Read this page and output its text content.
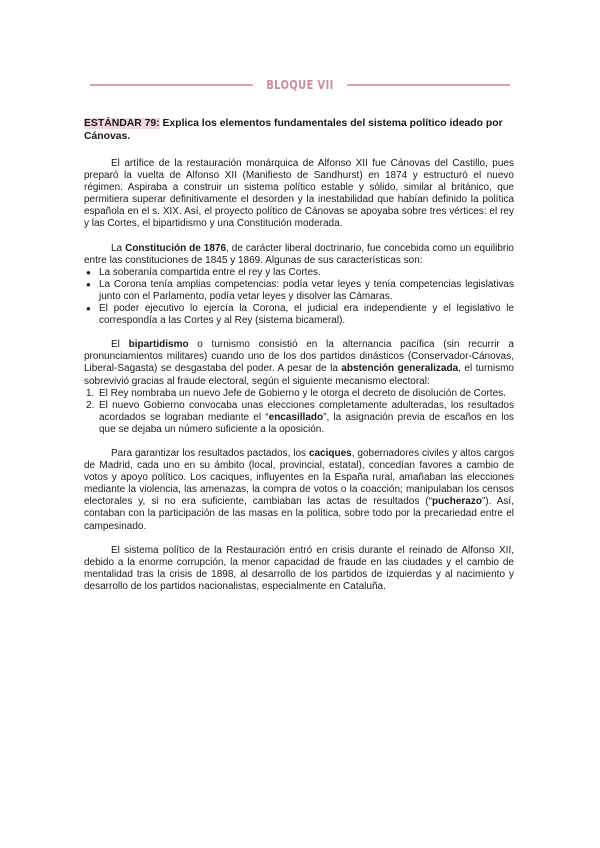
BLOQUE VII
ESTÁNDAR 79: Explica los elementos fundamentales del sistema político ideado por Cánovas.

El artífice de la restauración monárquica de Alfonso XII fue Cánovas del Castillo, pues preparó la vuelta de Alfonso XII (Manifiesto de Sandhurst) en 1874 y estructuró el nuevo régimen. Aspiraba a construir un sistema político estable y sólido, similar al británico, que permitiera superar definitivamente el desorden y la inestabilidad que habían definido la política española en el s. XIX. Así, el proyecto político de Cánovas se apoyaba sobre tres vértices: el rey y las Cortes, el bipartidismo y una Constitución moderada.

La Constitución de 1876, de carácter liberal doctrinario, fue concebida como un equilibrio entre las constituciones de 1845 y 1869. Algunas de sus características son:

● La soberanía compartida entre el rey y las Cortes.
● La Corona tenía amplias competencias: podía vetar leyes y tenía competencias legislativas junto con el Parlamento, podía vetar leyes y disolver las Cámaras.
● El poder ejecutivo lo ejercía la Corona, el judicial era independiente y el legislativo le correspondía a las Cortes y al Rey (sistema bicameral).

El bipartidismo o turnismo consistió en la alternancia pacífica (sin recurrir a pronunciamientos militares) cuando uno de los dos partidos dinásticos (Conservador-Cánovas, Liberal-Sagasta) se desgastaba del poder. A pesar de la abstención generalizada, el turnismo sobrevivió gracias al fraude electoral, según el siguiente mecanismo electoral:

1. El Rey nombraba un nuevo Jefe de Gobierno y le otorga el decreto de disolución de Cortes.
2. El nuevo Gobierno convocaba unas elecciones completamente adulteradas, los resultados acordados se lograban mediante el “encasillado”, la asignación previa de escaños en los que se dejaba un número suficiente a la oposición.

Para garantizar los resultados pactados, los caciques, gobernadores civiles y altos cargos de Madrid, cada uno en su ámbito (local, provincial, estatal), concedían favores a cambio de votos y apoyo político. Los caciques, influyentes en la España rural, amañaban las elecciones mediante la violencia, las amenazas, la compra de votos o la coacción; manipulaban los censos electorales y, si no era suficiente, cambiaban las actas de resultados (“pucherazo”). Así, contaban con la participación de las masas en la política, sobre todo por la precariedad entre el campesinado.

El sistema político de la Restauración entró en crisis durante el reinado de Alfonso XII, debido a la enorme corrupción, la menor capacidad de fraude en las ciudades y el cambio de mentalidad tras la crisis de 1898, al desarrollo de los partidos de izquierdas y al nacimiento y desarrollo de los partidos nacionalistas, especialmente en Cataluña.
